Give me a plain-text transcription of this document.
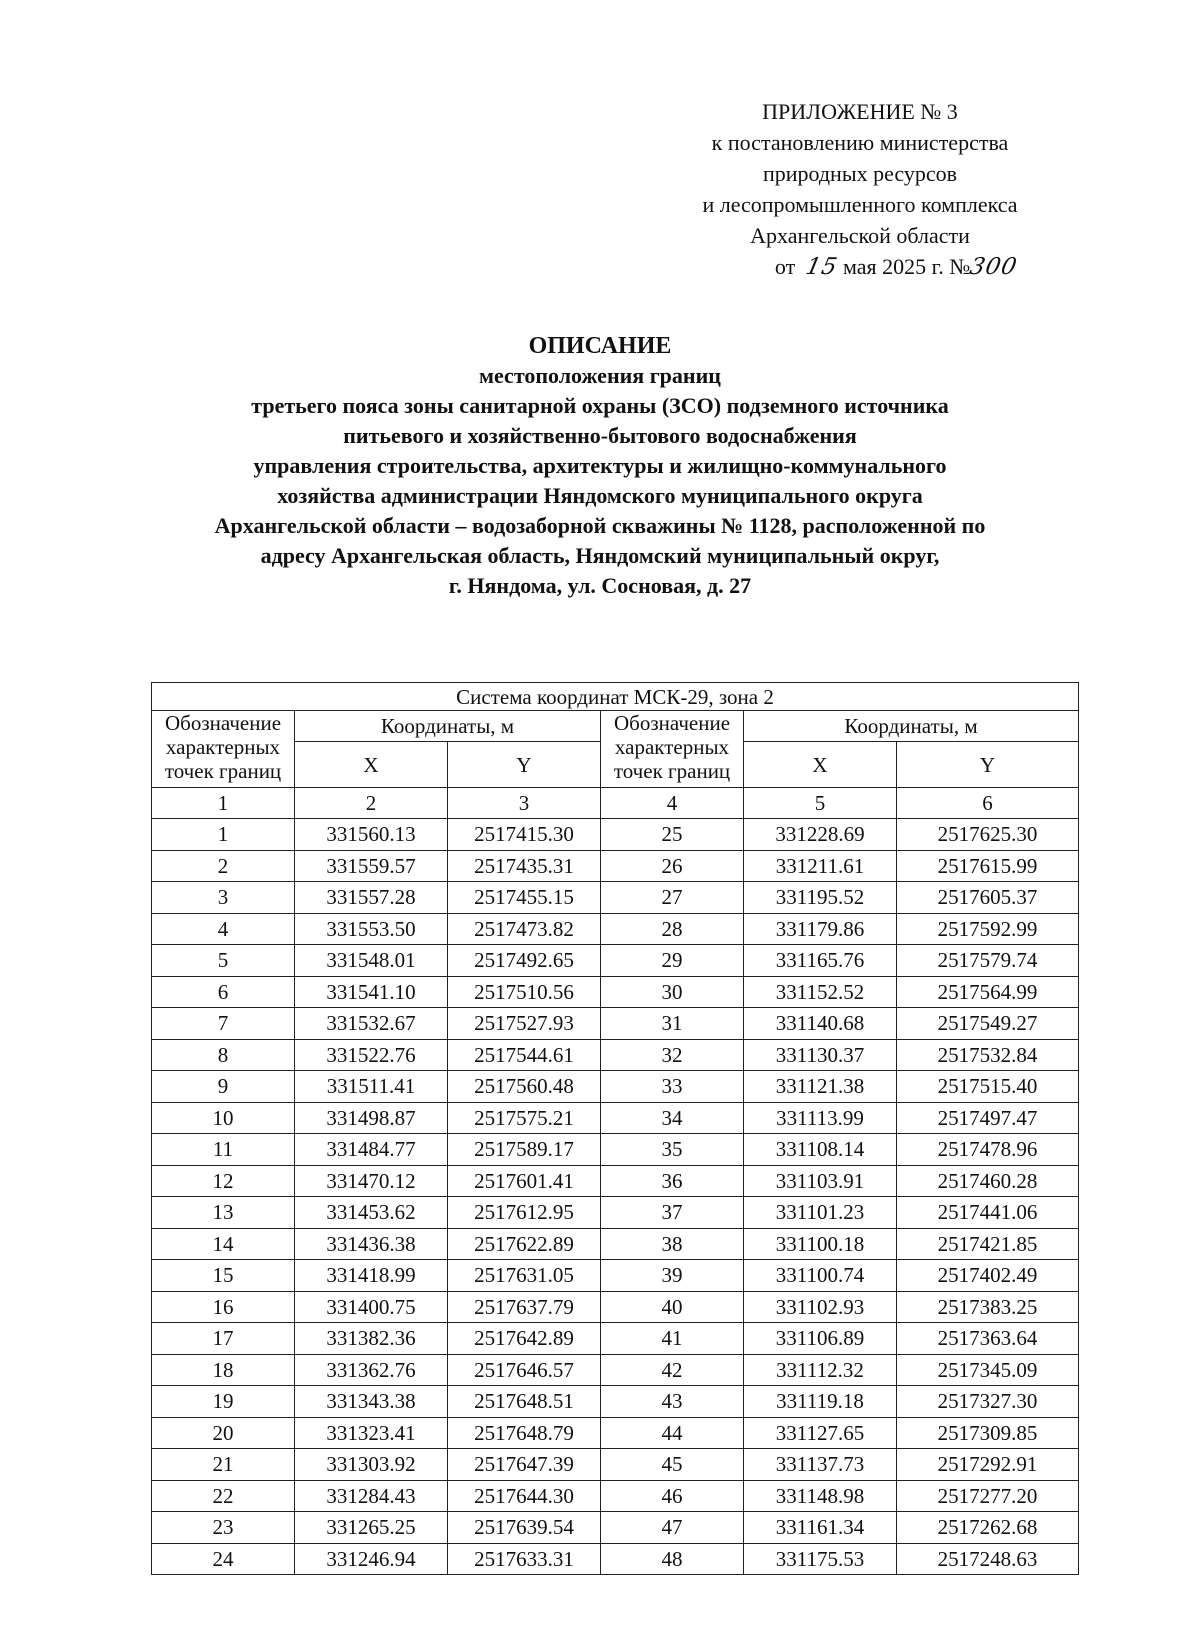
ПРИЛОЖЕНИЕ № 3
к постановлению министерства
природных ресурсов
и лесопромышленного комплекса
Архангельской области
от 15 мая 2025 г. №300
ОПИСАНИЕ
местоположения границ
третьего пояса зоны санитарной охраны (ЗСО) подземного источника
питьевого и хозяйственно-бытового водоснабжения
управления строительства, архитектуры и жилищно-коммунального
хозяйства администрации Няндомского муниципального округа
Архангельской области – водозаборной скважины № 1128, расположенной по
адресу Архангельская область, Няндомский муниципальный округ,
г. Няндома, ул. Сосновая, д. 27
Система координат МСК-29, зона 2					
Обозначение характерных точек границ	Координаты, м		Обозначение характерных точек границ	Координаты, м	
	X	Y		X	Y
1	2	3	4	5	6
1	331560.13	2517415.30	25	331228.69	2517625.30
2	331559.57	2517435.31	26	331211.61	2517615.99
3	331557.28	2517455.15	27	331195.52	2517605.37
4	331553.50	2517473.82	28	331179.86	2517592.99
5	331548.01	2517492.65	29	331165.76	2517579.74
6	331541.10	2517510.56	30	331152.52	2517564.99
7	331532.67	2517527.93	31	331140.68	2517549.27
8	331522.76	2517544.61	32	331130.37	2517532.84
9	331511.41	2517560.48	33	331121.38	2517515.40
10	331498.87	2517575.21	34	331113.99	2517497.47
11	331484.77	2517589.17	35	331108.14	2517478.96
12	331470.12	2517601.41	36	331103.91	2517460.28
13	331453.62	2517612.95	37	331101.23	2517441.06
14	331436.38	2517622.89	38	331100.18	2517421.85
15	331418.99	2517631.05	39	331100.74	2517402.49
16	331400.75	2517637.79	40	331102.93	2517383.25
17	331382.36	2517642.89	41	331106.89	2517363.64
18	331362.76	2517646.57	42	331112.32	2517345.09
19	331343.38	2517648.51	43	331119.18	2517327.30
20	331323.41	2517648.79	44	331127.65	2517309.85
21	331303.92	2517647.39	45	331137.73	2517292.91
22	331284.43	2517644.30	46	331148.98	2517277.20
23	331265.25	2517639.54	47	331161.34	2517262.68
24	331246.94	2517633.31	48	331175.53	2517248.63
